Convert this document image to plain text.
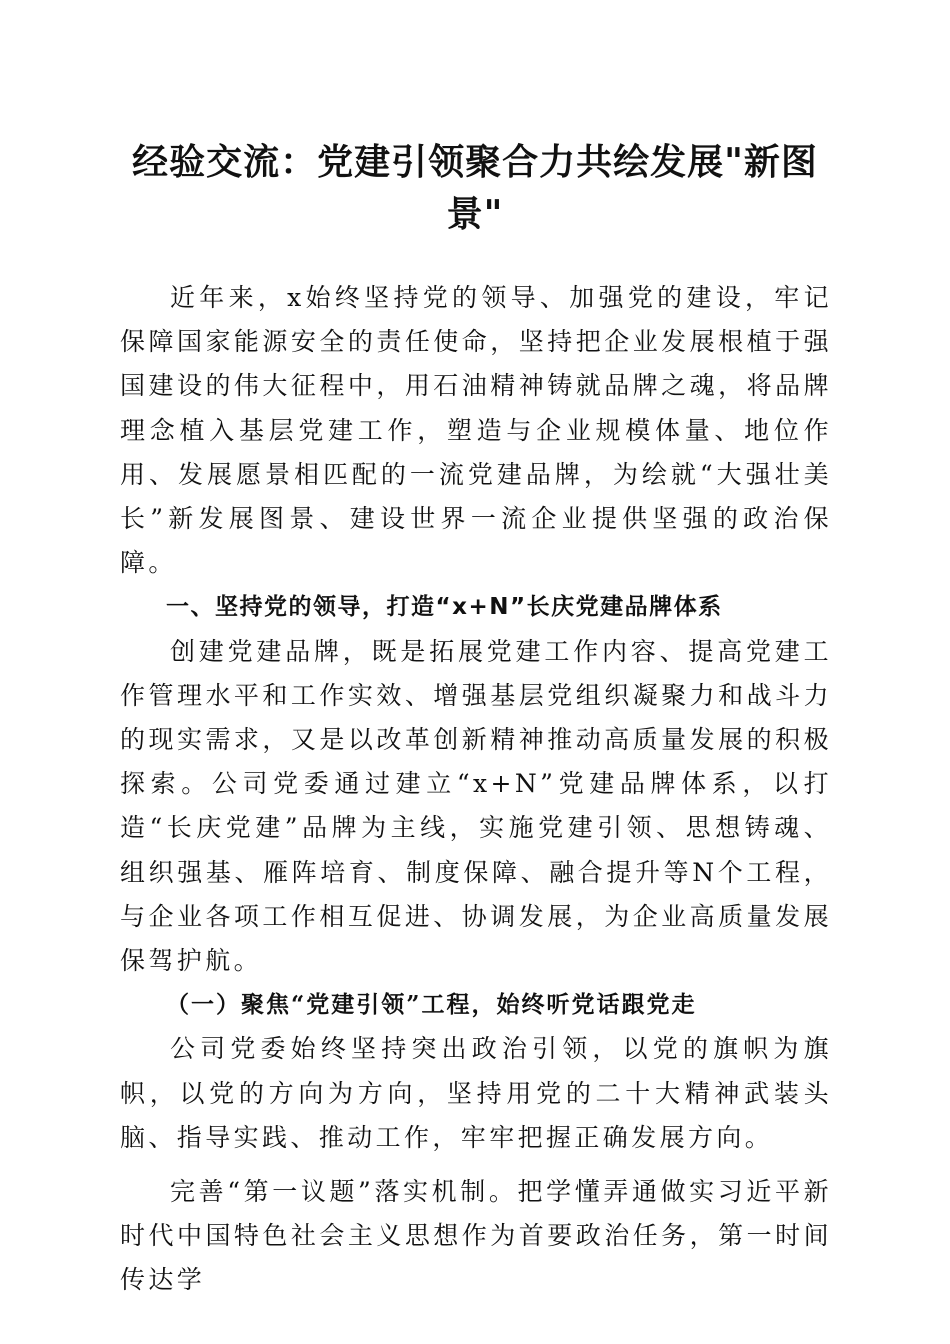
经验交流：党建引领聚合力共绘发展"新图景"

近年来，x始终坚持党的领导、加强党的建设，牢记保障国家能源安全的责任使命，坚持把企业发展根植于强国建设的伟大征程中，用石油精神铸就品牌之魂，将品牌理念植入基层党建工作，塑造与企业规模体量、地位作用、发展愿景相匹配的一流党建品牌，为绘就“大强壮美长”新发展图景、建设世界一流企业提供坚强的政治保障。

一、坚持党的领导，打造“x+N”长庆党建品牌体系

创建党建品牌，既是拓展党建工作内容、提高党建工作管理水平和工作实效、增强基层党组织凝聚力和战斗力的现实需求，又是以改革创新精神推动高质量发展的积极探索。公司党委通过建立“x+N”党建品牌体系，以打造“长庆党建”品牌为主线，实施党建引领、思想铸魂、组织强基、雁阵培育、制度保障、融合提升等N个工程，与企业各项工作相互促进、协调发展，为企业高质量发展保驾护航。

（一）聚焦“党建引领”工程，始终听党话跟党走

公司党委始终坚持突出政治引领，以党的旗帜为旗帜，以党的方向为方向，坚持用党的二十大精神武装头脑、指导实践、推动工作，牢牢把握正确发展方向。

完善“第一议题”落实机制。把学懂弄通做实习近平新时代中国特色社会主义思想作为首要政治任务，第一时间传达学
